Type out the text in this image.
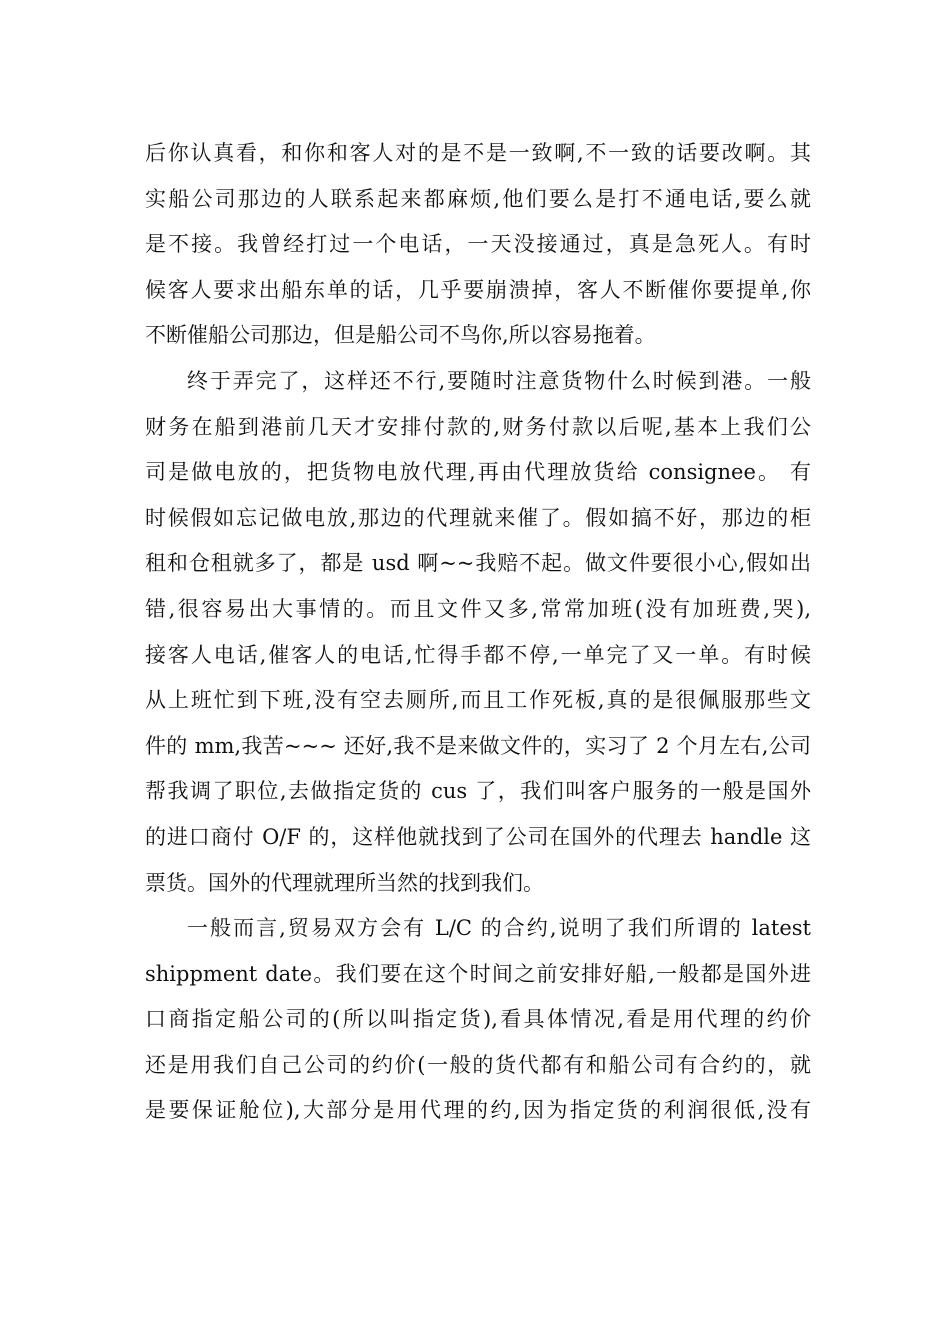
后你认真看，和你和客人对的是不是一致啊,不一致的话要改啊。其
实船公司那边的人联系起来都麻烦,他们要么是打不通电话,要么就
是不接。我曾经打过一个电话，一天没接通过，真是急死人。有时
候客人要求出船东单的话，几乎要崩溃掉，客人不断催你要提单,你
不断催船公司那边，但是船公司不鸟你,所以容易拖着。
终于弄完了，这样还不行,要随时注意货物什么时候到港。一般
财务在船到港前几天才安排付款的,财务付款以后呢,基本上我们公
司是做电放的，把货物电放代理,再由代理放货给 consignee。 有
时候假如忘记做电放,那边的代理就来催了。假如搞不好，那边的柜
租和仓租就多了，都是 usd 啊~~我赔不起。做文件要很小心,假如出
错,很容易出大事情的。而且文件又多,常常加班(没有加班费,哭),
接客人电话,催客人的电话,忙得手都不停,一单完了又一单。有时候
从上班忙到下班,没有空去厕所,而且工作死板,真的是很佩服那些文
件的 mm,我苦~~~ 还好,我不是来做文件的，实习了 2 个月左右,公司
帮我调了职位,去做指定货的 cus 了，我们叫客户服务的一般是国外
的进口商付 O/F 的，这样他就找到了公司在国外的代理去 handle 这
票货。国外的代理就理所当然的找到我们。
一般而言,贸易双方会有 L/C 的合约,说明了我们所谓的 latest
shippment date。我们要在这个时间之前安排好船,一般都是国外进
口商指定船公司的(所以叫指定货),看具体情况,看是用代理的约价
还是用我们自己公司的约价(一般的货代都有和船公司有合约的，就
是要保证舱位),大部分是用代理的约,因为指定货的利润很低,没有
